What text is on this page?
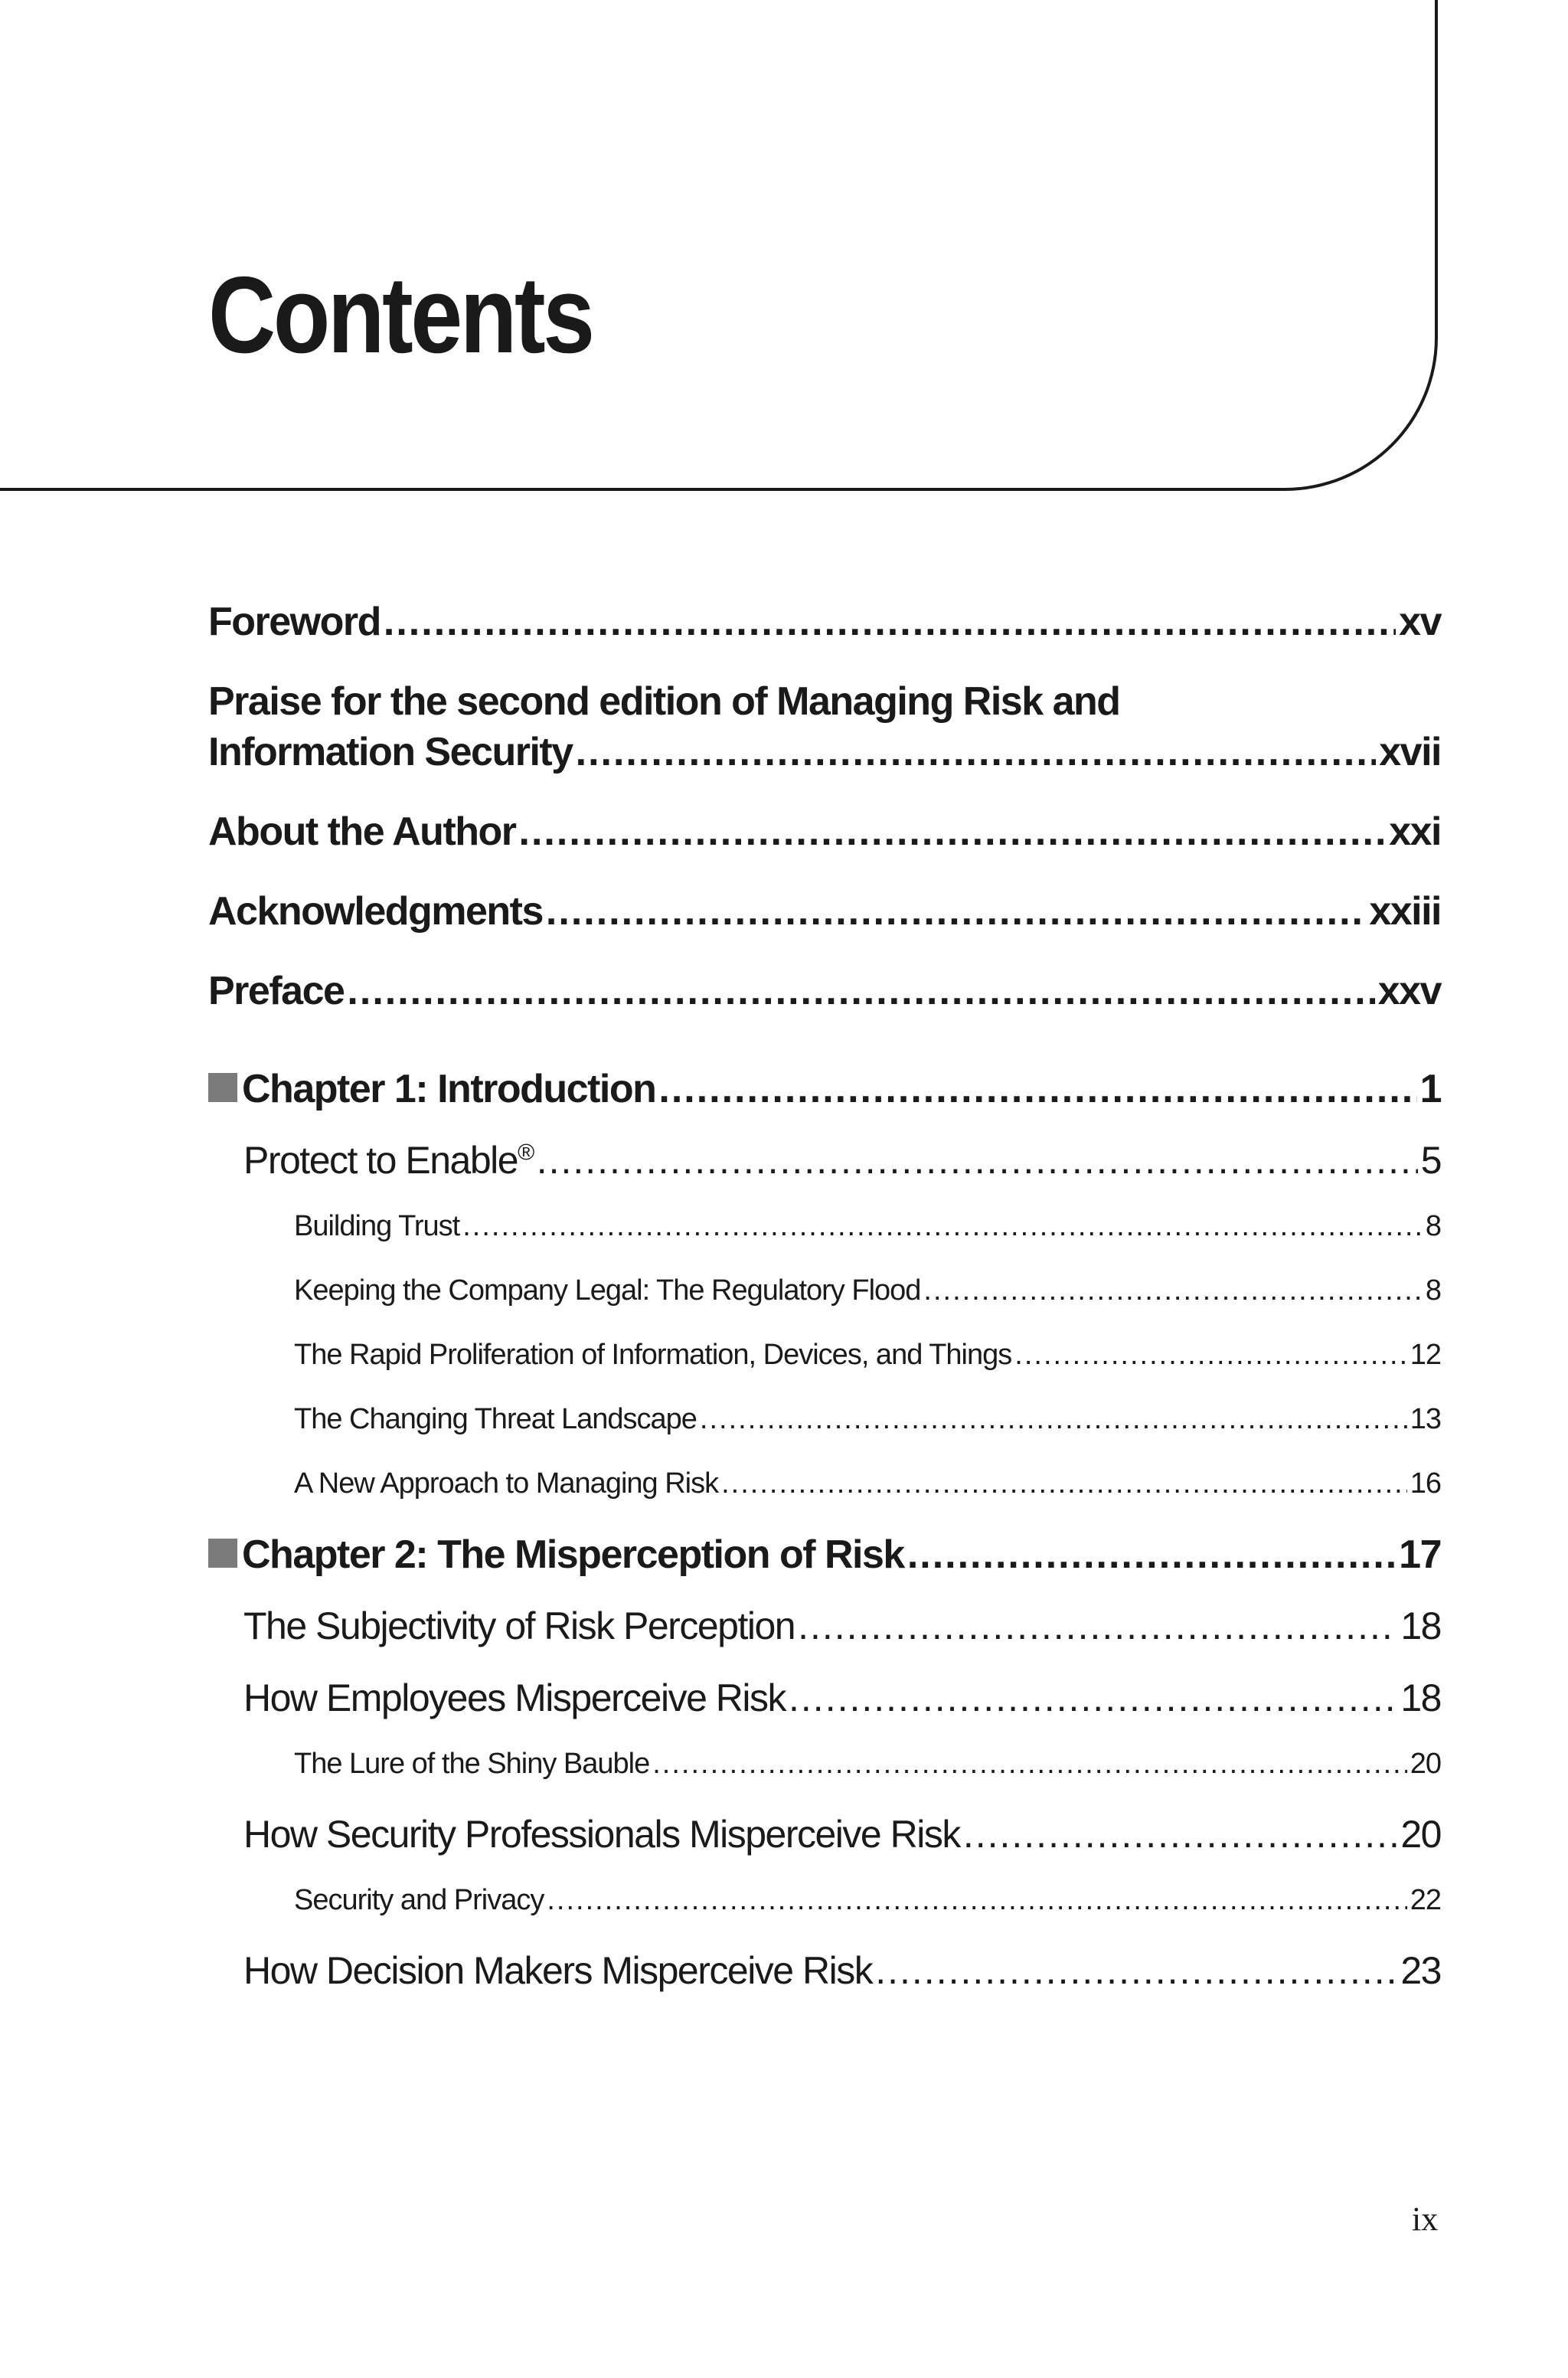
Contents
Foreword .....	xv
Praise for the second edition of Managing Risk and
Information Security .....	xvii
About the Author .....	xxi
Acknowledgments .....	xxiii
Preface .....	xxv
Chapter 1: Introduction .....	1
Protect to Enable® .....	5
Building Trust .....	8
Keeping the Company Legal: The Regulatory Flood .....	8
The Rapid Proliferation of Information, Devices, and Things .....	12
The Changing Threat Landscape .....	13
A New Approach to Managing Risk .....	16
Chapter 2: The Misperception of Risk .....	17
The Subjectivity of Risk Perception .....	18
How Employees Misperceive Risk .....	18
The Lure of the Shiny Bauble .....	20
How Security Professionals Misperceive Risk .....	20
Security and Privacy .....	22
How Decision Makers Misperceive Risk .....	23
ix
